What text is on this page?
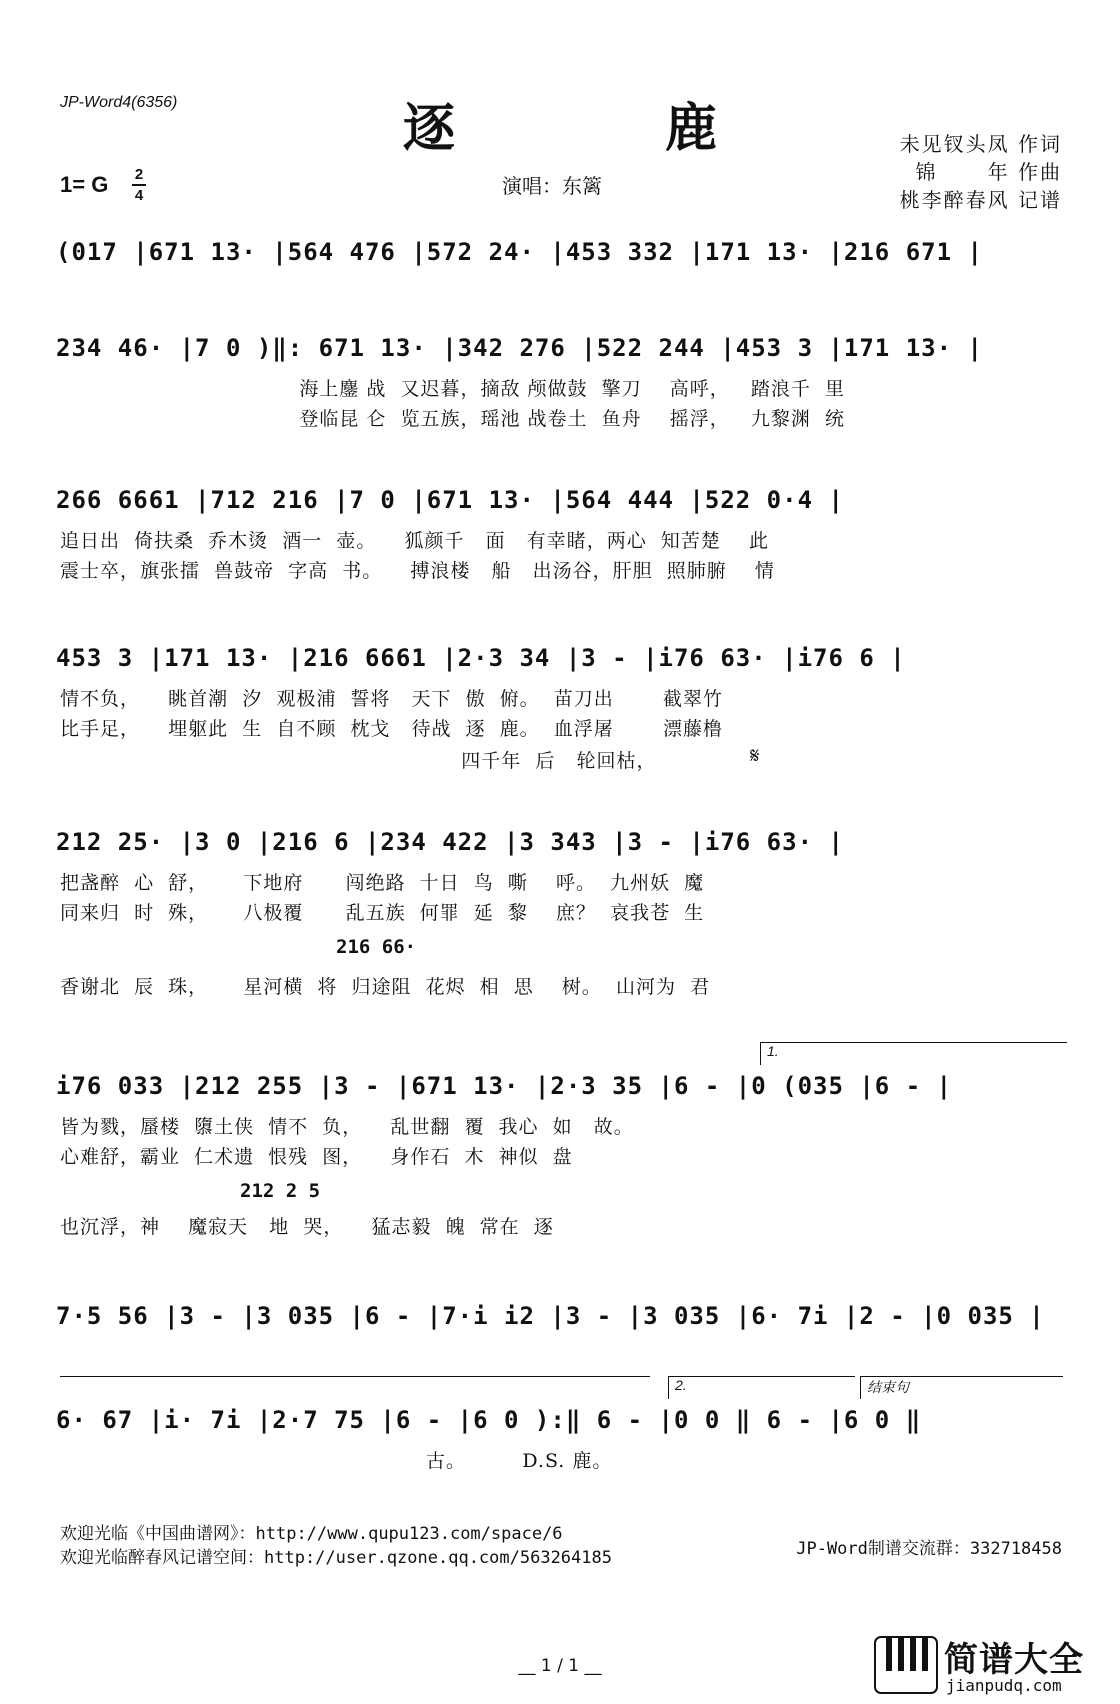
JP-Word4(6356)	逐 鹿
1= G 2
4	演唱：东篱
未见钗头凤 作词
锦      年 作曲
桃李醉春风 记谱
(017 |671 13· |564 476 |572 24· |453 332 |171 13· |216 671 |
234 46· |7 0 )‖: 671 13· |342 276 |522 244 |453 3 |171 13· |
海上鏖 战  又迟暮，摘敌 颅做鼓  擎刀    高呼，   踏浪千  里
登临昆 仑  览五族，瑶池 战卷土  鱼舟    摇浮，   九黎渊  统
266 6661 |712 216 |7 0 |671 13· |564 444 |522 0·4 |
追日出  倚扶桑  乔木烫  酒一  壶。    狐颜千   面   有幸睹，两心  知苦楚    此
震士卒，旗张擂  兽鼓帝  字高  书。    搏浪楼   船   出汤谷，肝胆  照肺腑    情
453 3 |171 13· |216 6661 |2·3 34 |3 - |i76 63· |i76 6 |
情不负，    眺首潮  汐  观极浦  誓将   天下  傲  俯。  苗刀出       截翠竹
比手足，    埋躯此  生  自不顾  枕戈   待战  逐  鹿。  血浮屠       漂藤橹
𝄋
四千年  后   轮回枯，
212 25· |3 0 |216 6 |234 422 |3 343 |3 - |i76 63· |
把盏醉  心  舒，     下地府      闯绝路  十日  鸟  嘶    呼。  九州妖  魔
同来归  时  殊，     八极覆      乱五族  何罪  延  黎    庶？  哀我苍  生
216 66·
香谢北  辰  珠，     星河横  将  归途阻  花烬  相  思    树。  山河为  君
1.
i76 033 |212 255 |3 - |671 13· |2·3 35 |6 - |0 (035 |6 - |
皆为戮，蜃楼  隳土侠  情不  负，    乱世翻  覆  我心  如   故。
心难舒，霸业  仁术遗  恨残  图，    身作石  木  神似  盘
212 2 5
也沉浮，神    魔寂天   地  哭，    猛志毅  魄  常在  逐
7·5 56 |3 - |3 035 |6 - |7·i i2 |3 - |3 035 |6· 7i |2 - |0 035 |
2.	结束句
6· 67 |i· 7i |2·7 75 |6 - |6 0 ):‖ 6 - |0 0 ‖ 6 - |6 0 ‖
古。        D.S. 鹿。
欢迎光临《中国曲谱网》：http://www.qupu123.com/space/6
欢迎光临醉春风记谱空间：http://user.qzone.qq.com/563264185	JP-Word制谱交流群：332718458
__ 1 / 1 __	简谱大全
jianpudq.com
